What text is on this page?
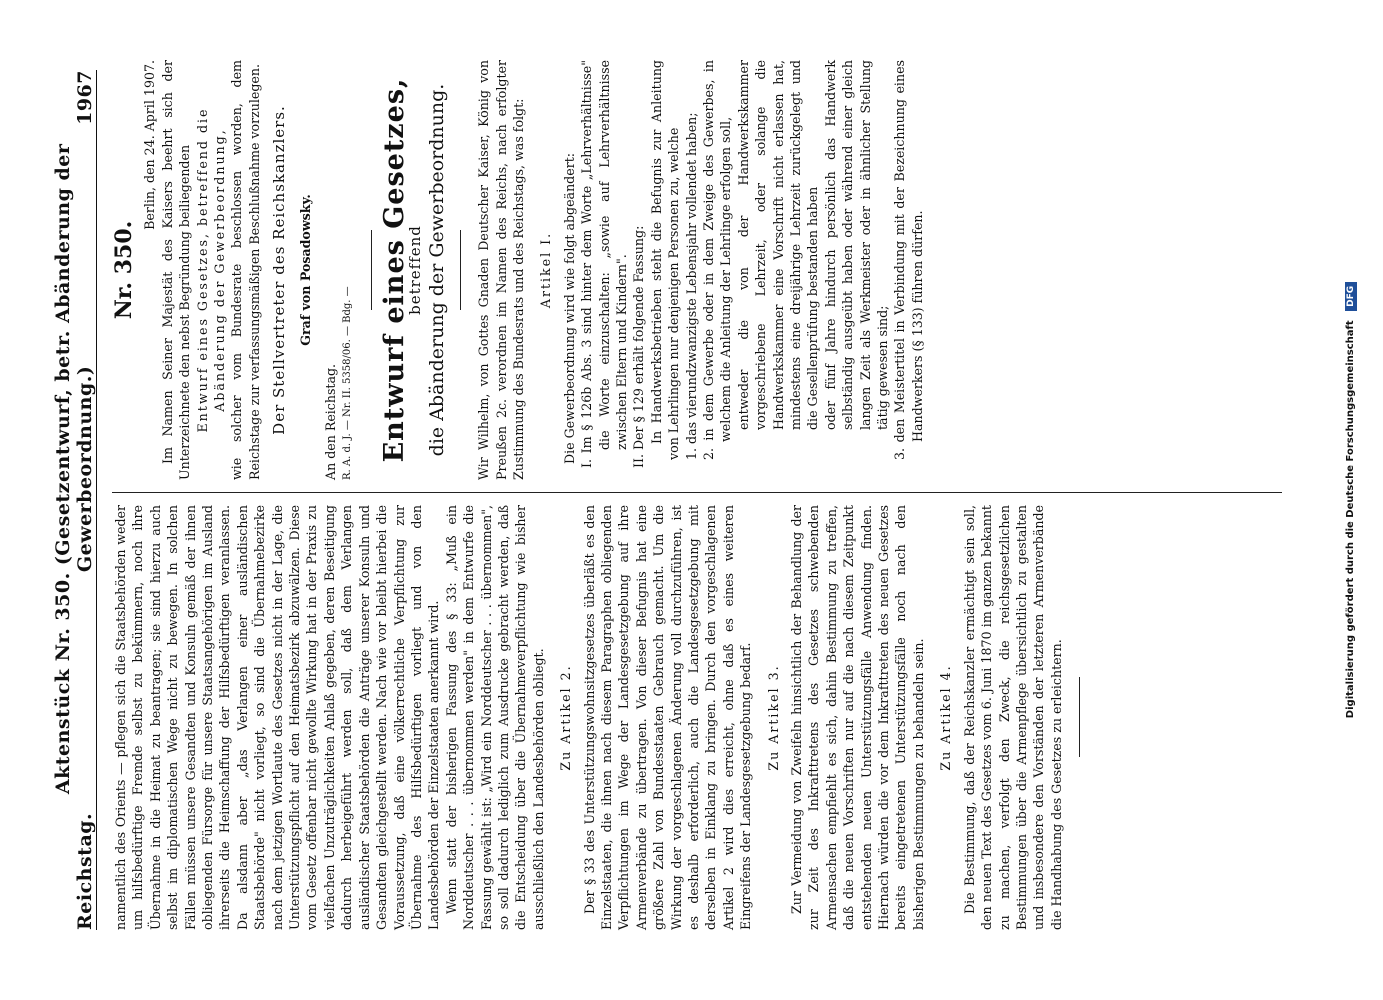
Reichstag.
Aktenstück Nr. 350. (Gesetzentwurf, betr. Abänderung der Gewerbeordnung.)
1967

namentlich des Orients — pflegen sich die Staatsbehörden weder um hilfsbedürftige Fremde selbst zu bekümmern, noch ihre Übernahme in die Heimat zu beantragen; sie sind hierzu auch selbst im diplomatischen Wege nicht zu bewegen. In solchen Fällen müssen unsere Gesandten und Konsuln gemäß der ihnen obliegenden Fürsorge für unsere Staatsangehörigen im Ausland ihrerseits die Heimschaffung der Hilfsbedürftigen veranlassen. Da alsdann aber „das Verlangen einer ausländischen Staatsbehörde" nicht vorliegt, so sind die Übernahmebezirke nach dem jetzigen Wortlaute des Gesetzes nicht in der Lage, die Unterstützungspflicht auf den Heimatsbezirk abzuwälzen. Diese vom Gesetz offenbar nicht gewollte Wirkung hat in der Praxis zu vielfachen Unzuträglichkeiten Anlaß gegeben, deren Beseitigung dadurch herbeigeführt werden soll, daß dem Verlangen ausländischer Staatsbehörden die Anträge unserer Konsuln und Gesandten gleichgestellt werden. Nach wie vor bleibt hierbei die Voraussetzung, daß eine völkerrechtliche Verpflichtung zur Übernahme des Hilfsbedürftigen vorliegt und von den Landesbehörden der Einzelstaaten anerkannt wird. Wenn statt der bisherigen Fassung des § 33: „Muß ein Norddeutscher . . . übernommen werden" in dem Entwurfe die Fassung gewählt ist: „Wird ein Norddeutscher . . . übernommen", so soll dadurch lediglich zum Ausdrucke gebracht werden, daß die Entscheidung über die Übernahmeverpflichtung wie bisher ausschließlich den Landesbehörden obliegt. Zu Artikel 2. Der § 33 des Unterstützungswohnsitzgesetzes überläßt es den Einzelstaaten, die ihnen nach diesem Paragraphen obliegenden Verpflichtungen im Wege der Landesgesetzgebung auf ihre Armenverbände zu übertragen. Von dieser Befugnis hat eine größere Zahl von Bundesstaaten Gebrauch gemacht. Um die Wirkung der vorgeschlagenen Änderung voll durchzuführen, ist es deshalb erforderlich, auch die Landesgesetzgebung mit derselben in Einklang zu bringen. Durch den vorgeschlagenen Artikel 2 wird dies erreicht, ohne daß es eines weiteren Eingreifens der Landesgesetzgebung bedarf. Zu Artikel 3. Zur Vermeidung von Zweifeln hinsichtlich der Behandlung der zur Zeit des Inkrafttretens des Gesetzes schwebenden Armensachen empfiehlt es sich, dahin Bestimmung zu treffen, daß die neuen Vorschriften nur auf die nach diesem Zeitpunkt entstehenden neuen Unterstützungsfälle Anwendung finden. Hiernach würden die vor dem Inkrafttreten des neuen Gesetzes bereits eingetretenen Unterstützungsfälle noch nach den bisherigen Bestimmungen zu behandeln sein. Zu Artikel 4. Die Bestimmung, daß der Reichskanzler ermächtigt sein soll, den neuen Text des Gesetzes vom 6. Juni 1870 im ganzen bekannt zu machen, verfolgt den Zweck, die reichsgesetzlichen Bestimmungen über die Armenpflege übersichtlich zu gestalten und insbesondere den Vorständen der letzteren Armenverbände die Handhabung des Gesetzes zu erleichtern.

Nr. 350.

Berlin, den 24. April 1907. Im Namen Seiner Majestät des Kaisers beehrt sich der Unterzeichnete den nebst Begründung beiliegenden Entwurf eines Gesetzes, betreffend die Abänderung der Gewerbeordnung, wie solcher vom Bundesrate beschlossen worden, dem Reichstage zur verfassungsmäßigen Beschlußnahme vorzulegen. Der Stellvertreter des Reichskanzlers. Graf von Posadowsky.

An den Reichstag. R. A. d. J. — Nr. II. 5358/06. — Bdg. — Entwurf eines Gesetzes,
betreffend die Abänderung der Gewerbeordnung. Wir Wilhelm, von Gottes Gnaden Deutscher Kaiser, König von Preußen 2c. verordnen im Namen des Reichs, nach erfolgter Zustimmung des Bundesrats und des Reichstags, was folgt: Artikel I. Die Gewerbeordnung wird wie folgt abgeändert: I. Im § 126b Abs. 3 sind hinter dem Worte „Lehrverhältnisse" die Worte einzuschalten: „sowie auf Lehrverhältnisse zwischen Eltern und Kindern". II. Der § 129 erhält folgende Fassung: In Handwerksbetrieben steht die Befugnis zur Anleitung von Lehrlingen nur denjenigen Personen zu, welche 1. das vierundzwanzigste Lebensjahr vollendet haben; 2. in dem Gewerbe oder in dem Zweige des Gewerbes, in welchem die Anleitung der Lehrlinge erfolgen soll, entweder die von der Handwerkskammer vorgeschriebene Lehrzeit, oder solange die Handwerkskammer eine Vorschrift nicht erlassen hat, mindestens eine dreijährige Lehrzeit zurückgelegt und die Gesellenprüfung bestanden haben oder fünf Jahre hindurch persönlich das Handwerk selbständig ausgeübt haben oder während einer gleich langen Zeit als Werkmeister oder in ähnlicher Stellung tätig gewesen sind; 3. den Meistertitel in Verbindung mit der Bezeichnung eines Handwerkers (§ 133) führen dürfen.	Digitalisierung gefördert durch die Deutsche Forschungsgemeinschaft DFG
